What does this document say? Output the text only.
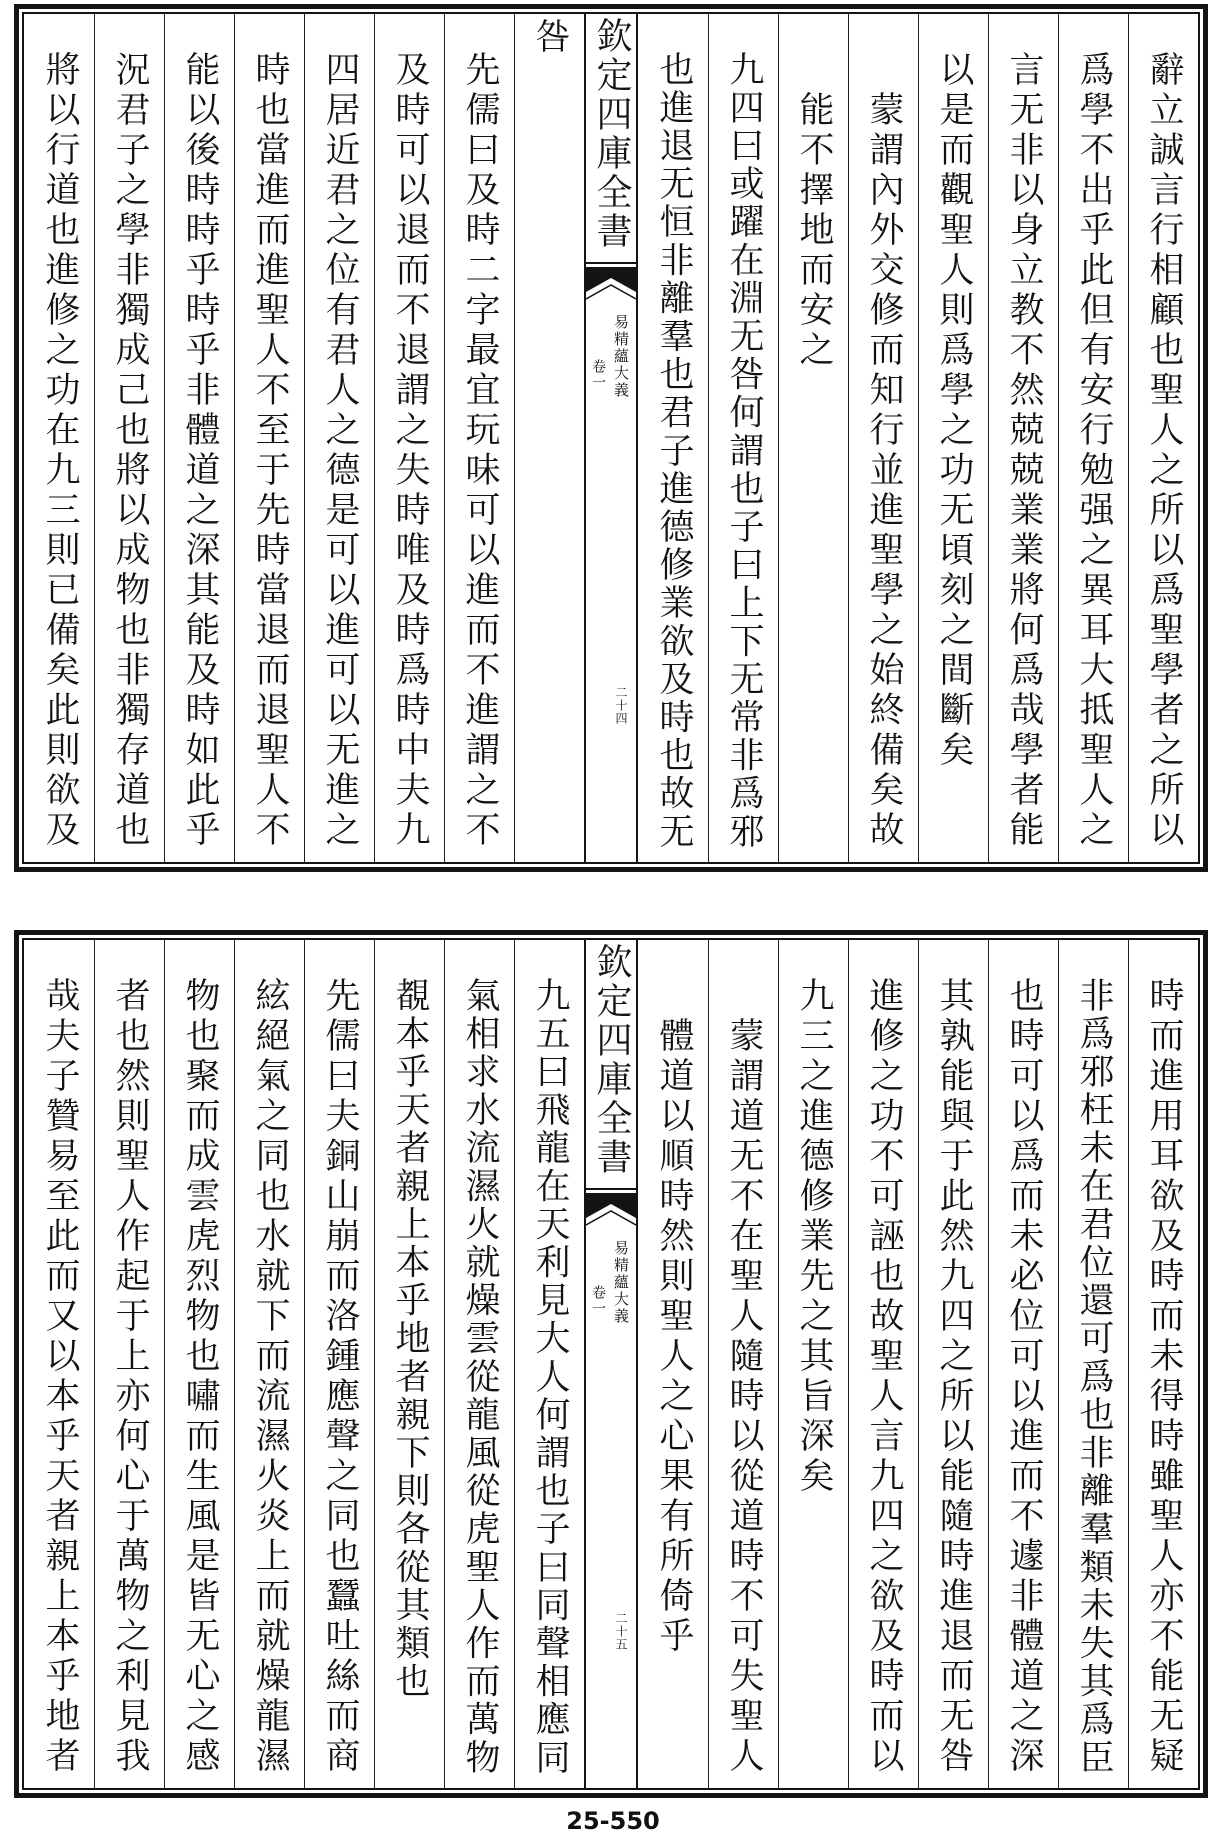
辭立誠言行相顧也聖人之所以爲聖學者之所以
爲學不出乎此但有安行勉强之異耳大抵聖人之
言无非以身立教不然兢兢業業將何爲哉學者能
以是而觀聖人則爲學之功无頃刻之間斷矣
蒙謂內外交修而知行並進聖學之始終備矣故
能不擇地而安之
九四曰或躍在淵无咎何謂也子曰上下无常非爲邪
也進退无恒非離羣也君子進德修業欲及時也故无
欽定四庫全書
易精蘊大義
卷一
二十四
咎
先儒曰及時二字最宜玩味可以進而不進謂之不
及時可以退而不退謂之失時唯及時爲時中夫九
四居近君之位有君人之德是可以進可以无進之
時也當進而進聖人不至于先時當退而退聖人不
能以後時時乎時乎非體道之深其能及時如此乎
況君子之學非獨成己也將以成物也非獨存道也
將以行道也進修之功在九三則已備矣此則欲及
時而進用耳欲及時而未得時雖聖人亦不能无疑
非爲邪枉未在君位還可爲也非離羣類未失其爲臣
也時可以爲而未必位可以進而不遽非體道之深
其孰能與于此然九四之所以能隨時進退而无咎
進修之功不可誣也故聖人言九四之欲及時而以
九三之進德修業先之其旨深矣
蒙謂道无不在聖人隨時以從道時不可失聖人
體道以順時然則聖人之心果有所倚乎
欽定四庫全書
易精蘊大義
卷一
二十五
九五曰飛龍在天利見大人何謂也子曰同聲相應同
氣相求水流濕火就燥雲從龍風從虎聖人作而萬物
覩本乎天者親上本乎地者親下則各從其類也
先儒曰夫銅山崩而洛鍾應聲之同也蠶吐絲而商
絃絕氣之同也水就下而流濕火炎上而就燥龍濕
物也聚而成雲虎烈物也嘯而生風是皆无心之感
者也然則聖人作起于上亦何心于萬物之利見我
哉夫子贊易至此而又以本乎天者親上本乎地者
25-550
